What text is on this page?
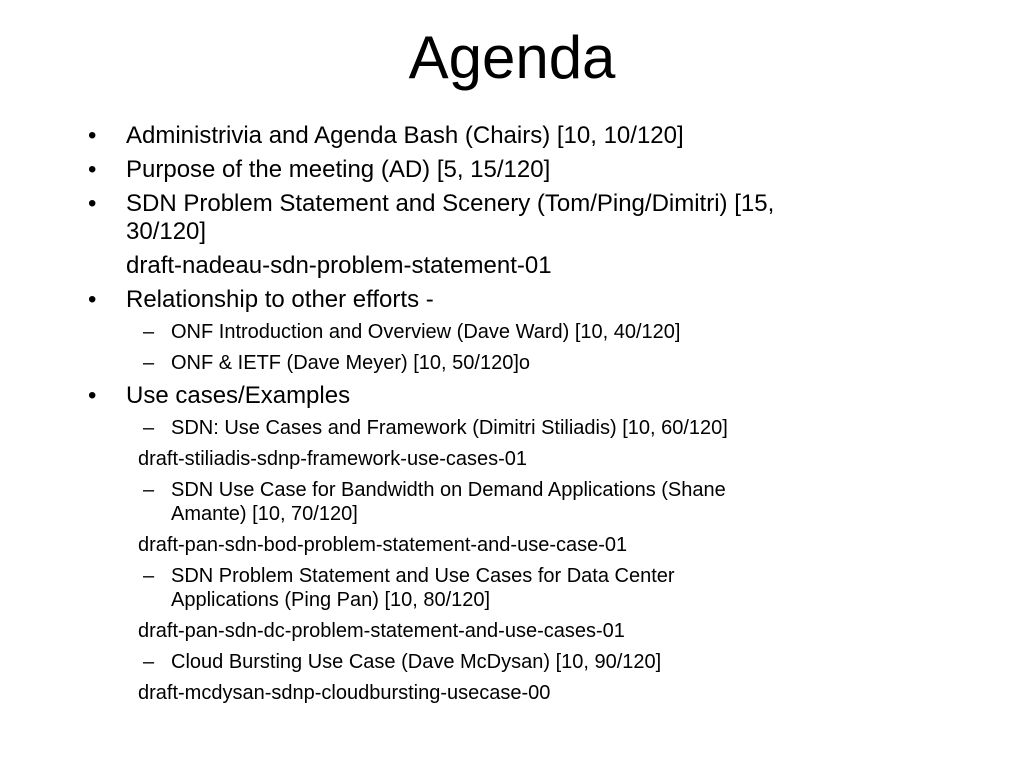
Agenda
• Administrivia and Agenda Bash (Chairs) [10, 10/120]

• Purpose of the meeting (AD) [5, 15/120]

• SDN Problem Statement and Scenery (Tom/Ping/Dimitri) [15,

30/120]

draft-nadeau-sdn-problem-statement-01

• Relationship to other efforts -

– ONF Introduction and Overview (Dave Ward) [10, 40/120]

– ONF & IETF (Dave Meyer) [10, 50/120]o

• Use cases/Examples

– SDN: Use Cases and Framework (Dimitri Stiliadis) [10, 60/120]

draft-stiliadis-sdnp-framework-use-cases-01

– SDN Use Case for Bandwidth on Demand Applications (Shane

Amante) [10, 70/120]

draft-pan-sdn-bod-problem-statement-and-use-case-01

– SDN Problem Statement and Use Cases for Data Center

Applications (Ping Pan) [10, 80/120]

draft-pan-sdn-dc-problem-statement-and-use-cases-01

– Cloud Bursting Use Case (Dave McDysan) [10, 90/120]

draft-mcdysan-sdnp-cloudbursting-usecase-00
